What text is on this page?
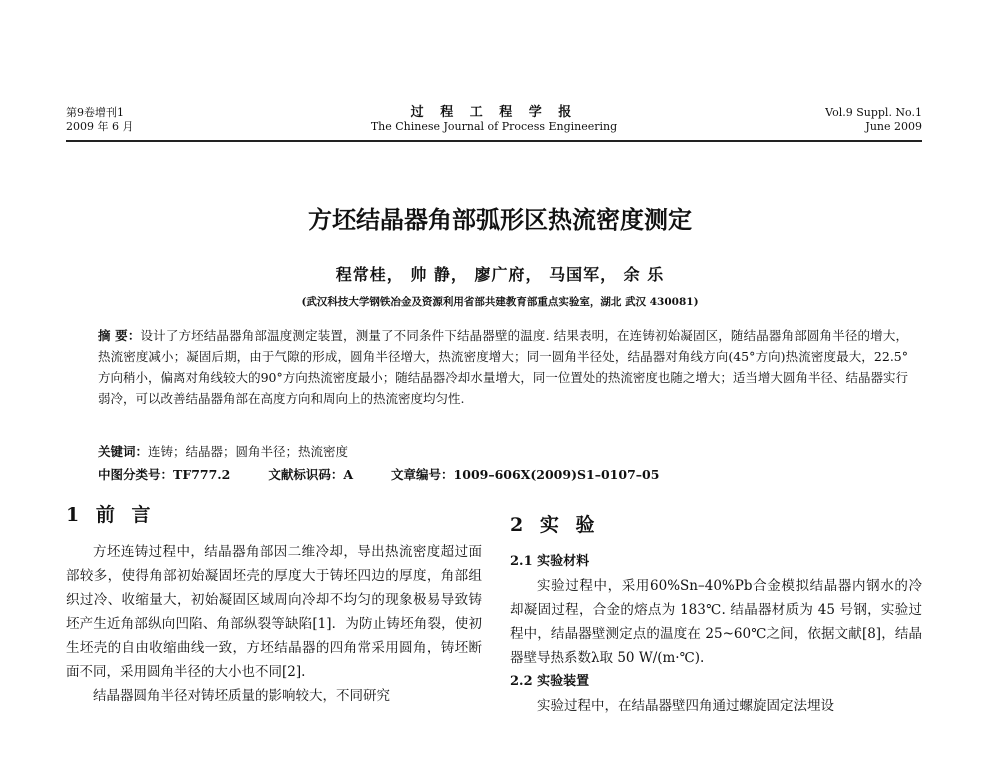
第9卷增刊1
2009 年 6 月
过 程 工 程 学 报
The Chinese Journal of Process Engineering
Vol.9 Suppl. No.1
June 2009
方坯结晶器角部弧形区热流密度测定
程常桂， 帅 静， 廖广府， 马国军， 余 乐
(武汉科技大学钢铁冶金及资源利用省部共建教育部重点实验室，湖北 武汉 430081)
摘 要：设计了方坯结晶器角部温度测定装置，测量了不同条件下结晶器壁的温度. 结果表明，在连铸初始凝固区，随结晶器角部圆角半径的增大，热流密度减小；凝固后期，由于气隙的形成，圆角半径增大，热流密度增大；同一圆角半径处，结晶器对角线方向(45°方向)热流密度最大，22.5°方向稍小，偏离对角线较大的90°方向热流密度最小；随结晶器冷却水量增大，同一位置处的热流密度也随之增大；适当增大圆角半径、结晶器实行弱冷，可以改善结晶器角部在高度方向和周向上的热流密度均匀性.
关键词：连铸；结晶器；圆角半径；热流密度
中图分类号：TF777.2	文献标识码：A	文章编号：1009–606X(2009)S1–0107–05
1 前 言

方坯连铸过程中，结晶器角部因二维冷却，导出热流密度超过面部较多，使得角部初始凝固坯壳的厚度大于铸坯四边的厚度，角部组织过冷、收缩量大，初始凝固区域周向冷却不均匀的现象极易导致铸坯产生近角部纵向凹陷、角部纵裂等缺陷[1]．为防止铸坯角裂，使初生坯壳的自由收缩曲线一致，方坯结晶器的四角常采用圆角，铸坯断面不同，采用圆角半径的大小也不同[2].

结晶器圆角半径对铸坯质量的影响较大，不同研究

2 实 验
2.1 实验材料

实验过程中，采用60%Sn–40%Pb合金模拟结晶器内钢水的冷却凝固过程，合金的熔点为 183℃. 结晶器材质为 45 号钢，实验过程中，结晶器壁测定点的温度在 25~60℃之间，依据文献[8]，结晶器壁导热系数λ取 50 W/(m·℃).

2.2 实验装置

实验过程中，在结晶器壁四角通过螺旋固定法埋设
